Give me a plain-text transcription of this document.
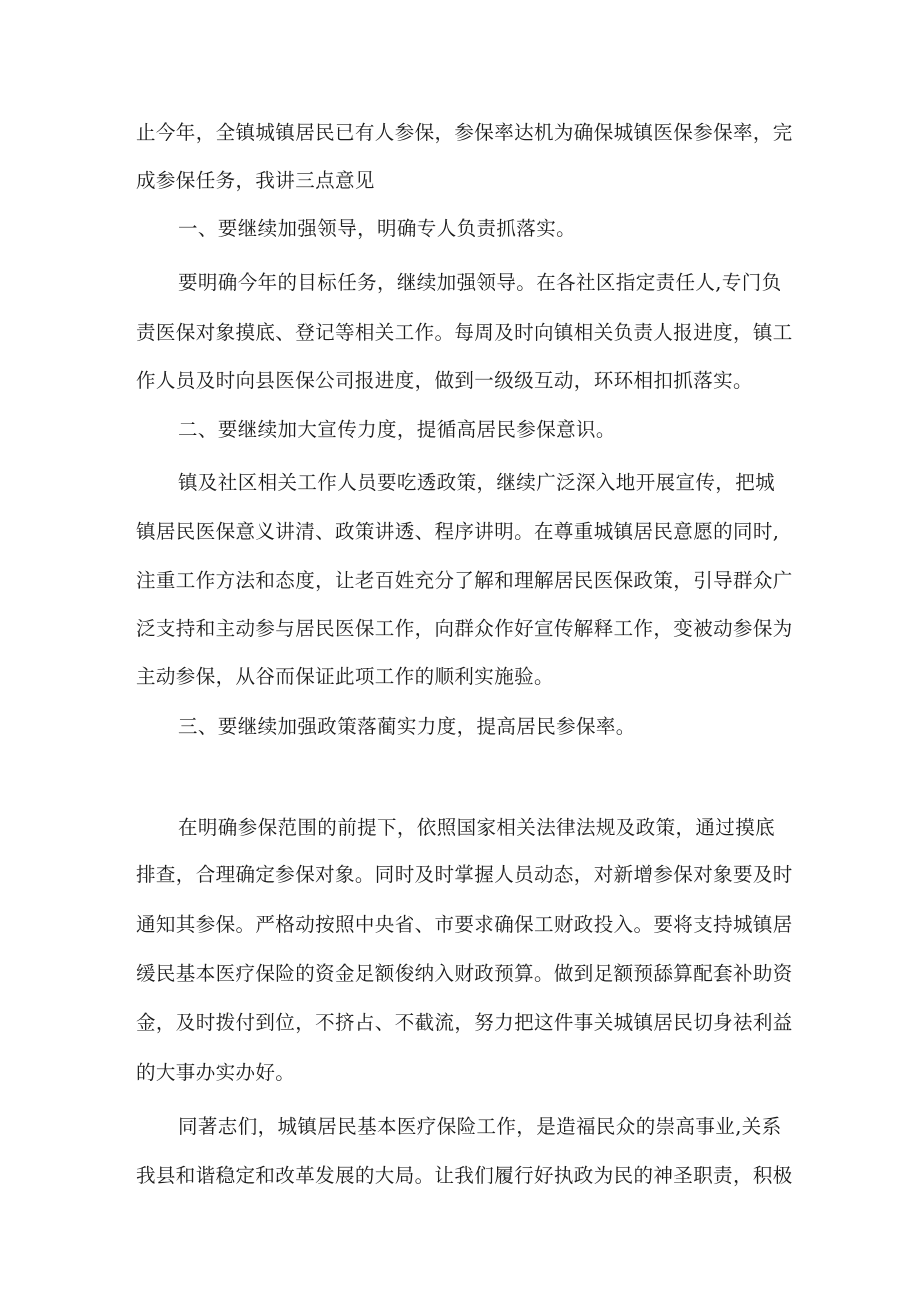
止今年，全镇城镇居民已有人参保，参保率达机为确保城镇医保参保率，完
成参保任务，我讲三点意见
一、要继续加强领导，明确专人负责抓落实。
要明确今年的目标任务，继续加强领导。在各社区指定责任人,专门负
责医保对象摸底、登记等相关工作。每周及时向镇相关负责人报进度，镇工
作人员及时向县医保公司报进度，做到一级级互动，环环相扣抓落实。
二、要继续加大宣传力度，提循高居民参保意识。
镇及社区相关工作人员要吃透政策，继续广泛深入地开展宣传，把城
镇居民医保意义讲清、政策讲透、程序讲明。在尊重城镇居民意愿的同时,
注重工作方法和态度，让老百姓充分了解和理解居民医保政策，引导群众广
泛支持和主动参与居民医保工作，向群众作好宣传解释工作，变被动参保为
主动参保，从谷而保证此项工作的顺利实施验。
三、要继续加强政策落蔺实力度，提高居民参保率。
在明确参保范围的前提下，依照国家相关法律法规及政策，通过摸底
排查，合理确定参保对象。同时及时掌握人员动态，对新增参保对象要及时
通知其参保。严格动按照中央省、市要求确保工财政投入。要将支持城镇居
缓民基本医疗保险的资金足额俊纳入财政预算。做到足额预舔算配套补助资
金，及时拨付到位，不挤占、不截流，努力把这件事关城镇居民切身祛利益
的大事办实办好。
同著志们，城镇居民基本医疗保险工作，是造福民众的崇高事业,关系
我县和谐稳定和改革发展的大局。让我们履行好执政为民的神圣职责，积极
